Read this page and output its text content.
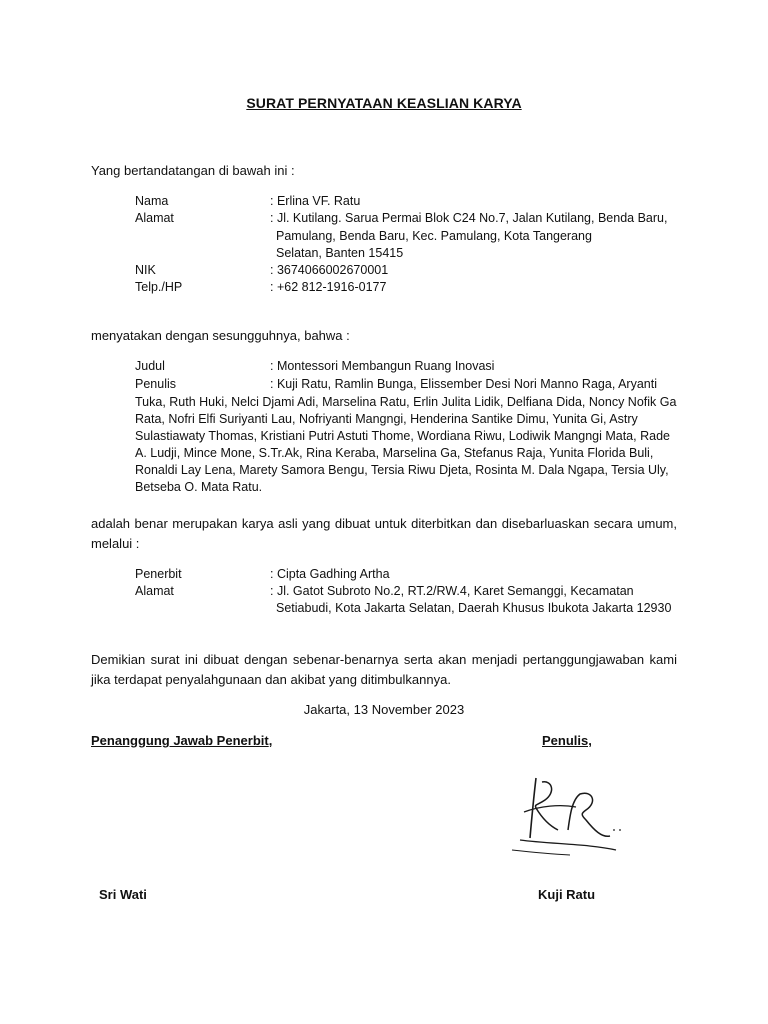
SURAT PERNYATAAN KEASLIAN KARYA
Yang bertandatangan di bawah ini :
Nama	: Erlina VF. Ratu
Alamat	: Jl. Kutilang. Sarua Permai Blok C24 No.7, Jalan Kutilang, Benda Baru,
Pamulang, Benda Baru, Kec. Pamulang, Kota Tangerang
Selatan, Banten 15415
NIK	: 3674066002670001
Telp./HP	: +62 812-1916-0177
menyatakan dengan sesungguhnya, bahwa :
Judul	: Montessori Membangun Ruang Inovasi
Penulis	: Kuji Ratu, Ramlin Bunga, Elissember Desi Nori Manno Raga, Aryanti
Tuka, Ruth Huki, Nelci Djami Adi, Marselina Ratu, Erlin Julita Lidik, Delfiana Dida, Noncy Nofik Ga Rata, Nofri Elfi Suriyanti Lau, Nofriyanti Mangngi, Henderina Santike Dimu, Yunita Gi, Astry Sulastiawaty Thomas, Kristiani Putri Astuti Thome, Wordiana Riwu, Lodiwik Mangngi Mata, Rade A. Ludji, Mince Mone, S.Tr.Ak, Rina Keraba, Marselina Ga, Stefanus Raja, Yunita Florida Buli, Ronaldi Lay Lena, Marety Samora Bengu, Tersia Riwu Djeta, Rosinta M. Dala Ngapa, Tersia Uly, Betseba O. Mata Ratu.
adalah benar merupakan karya asli yang dibuat untuk diterbitkan dan disebarluaskan secara umum, melalui :
Penerbit	: Cipta Gadhing Artha
Alamat	: Jl. Gatot Subroto No.2, RT.2/RW.4, Karet Semanggi, Kecamatan
Setiabudi, Kota Jakarta Selatan, Daerah Khusus Ibukota Jakarta 12930
Demikian surat ini dibuat dengan sebenar-benarnya serta akan menjadi pertanggungjawaban kami jika terdapat penyalahgunaan dan akibat yang ditimbulkannya.
Jakarta, 13 November 2023
Penanggung Jawab Penerbit,	Penulis,
Sri Wati	Kuji Ratu
